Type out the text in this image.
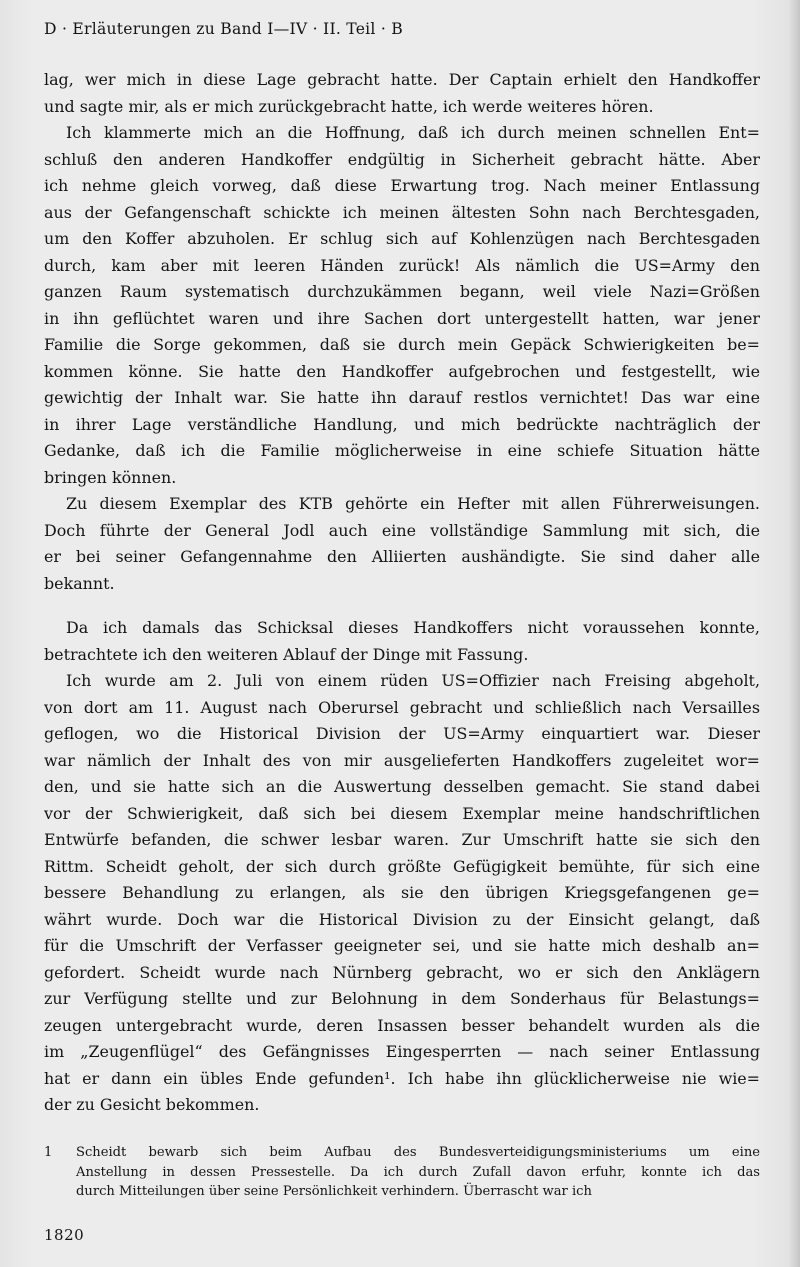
D · Erläuterungen zu Band I—IV · II. Teil · B
lag, wer mich in diese Lage gebracht hatte. Der Captain erhielt den Handkoffer
und sagte mir, als er mich zurückgebracht hatte, ich werde weiteres hören.
Ich klammerte mich an die Hoffnung, daß ich durch meinen schnellen Ent=
schluß den anderen Handkoffer endgültig in Sicherheit gebracht hätte. Aber
ich nehme gleich vorweg, daß diese Erwartung trog. Nach meiner Entlassung
aus der Gefangenschaft schickte ich meinen ältesten Sohn nach Berchtesgaden,
um den Koffer abzuholen. Er schlug sich auf Kohlenzügen nach Berchtesgaden
durch, kam aber mit leeren Händen zurück! Als nämlich die US=Army den
ganzen Raum systematisch durchzukämmen begann, weil viele Nazi=Größen
in ihn geflüchtet waren und ihre Sachen dort untergestellt hatten, war jener
Familie die Sorge gekommen, daß sie durch mein Gepäck Schwierigkeiten be=
kommen könne. Sie hatte den Handkoffer aufgebrochen und festgestellt, wie
gewichtig der Inhalt war. Sie hatte ihn darauf restlos vernichtet! Das war eine
in ihrer Lage verständliche Handlung, und mich bedrückte nachträglich der
Gedanke, daß ich die Familie möglicherweise in eine schiefe Situation hätte
bringen können.
Zu diesem Exemplar des KTB gehörte ein Hefter mit allen Führerweisungen.
Doch führte der General Jodl auch eine vollständige Sammlung mit sich, die
er bei seiner Gefangennahme den Alliierten aushändigte. Sie sind daher alle
bekannt.
Da ich damals das Schicksal dieses Handkoffers nicht voraussehen konnte,
betrachtete ich den weiteren Ablauf der Dinge mit Fassung.
Ich wurde am 2. Juli von einem rüden US=Offizier nach Freising abgeholt,
von dort am 11. August nach Oberursel gebracht und schließlich nach Versailles
geflogen, wo die Historical Division der US=Army einquartiert war. Dieser
war nämlich der Inhalt des von mir ausgelieferten Handkoffers zugeleitet wor=
den, und sie hatte sich an die Auswertung desselben gemacht. Sie stand dabei
vor der Schwierigkeit, daß sich bei diesem Exemplar meine handschriftlichen
Entwürfe befanden, die schwer lesbar waren. Zur Umschrift hatte sie sich den
Rittm. Scheidt geholt, der sich durch größte Gefügigkeit bemühte, für sich eine
bessere Behandlung zu erlangen, als sie den übrigen Kriegsgefangenen ge=
währt wurde. Doch war die Historical Division zu der Einsicht gelangt, daß
für die Umschrift der Verfasser geeigneter sei, und sie hatte mich deshalb an=
gefordert. Scheidt wurde nach Nürnberg gebracht, wo er sich den Anklägern
zur Verfügung stellte und zur Belohnung in dem Sonderhaus für Belastungs=
zeugen untergebracht wurde, deren Insassen besser behandelt wurden als die
im „Zeugenflügel“ des Gefängnisses Eingesperrten — nach seiner Entlassung
hat er dann ein übles Ende gefunden¹. Ich habe ihn glücklicherweise nie wie=
der zu Gesicht bekommen.
1	Scheidt bewarb sich beim Aufbau des Bundesverteidigungsministeriums um eine
Anstellung in dessen Pressestelle. Da ich durch Zufall davon erfuhr, konnte ich das
durch Mitteilungen über seine Persönlichkeit verhindern. Überrascht war ich
1820
